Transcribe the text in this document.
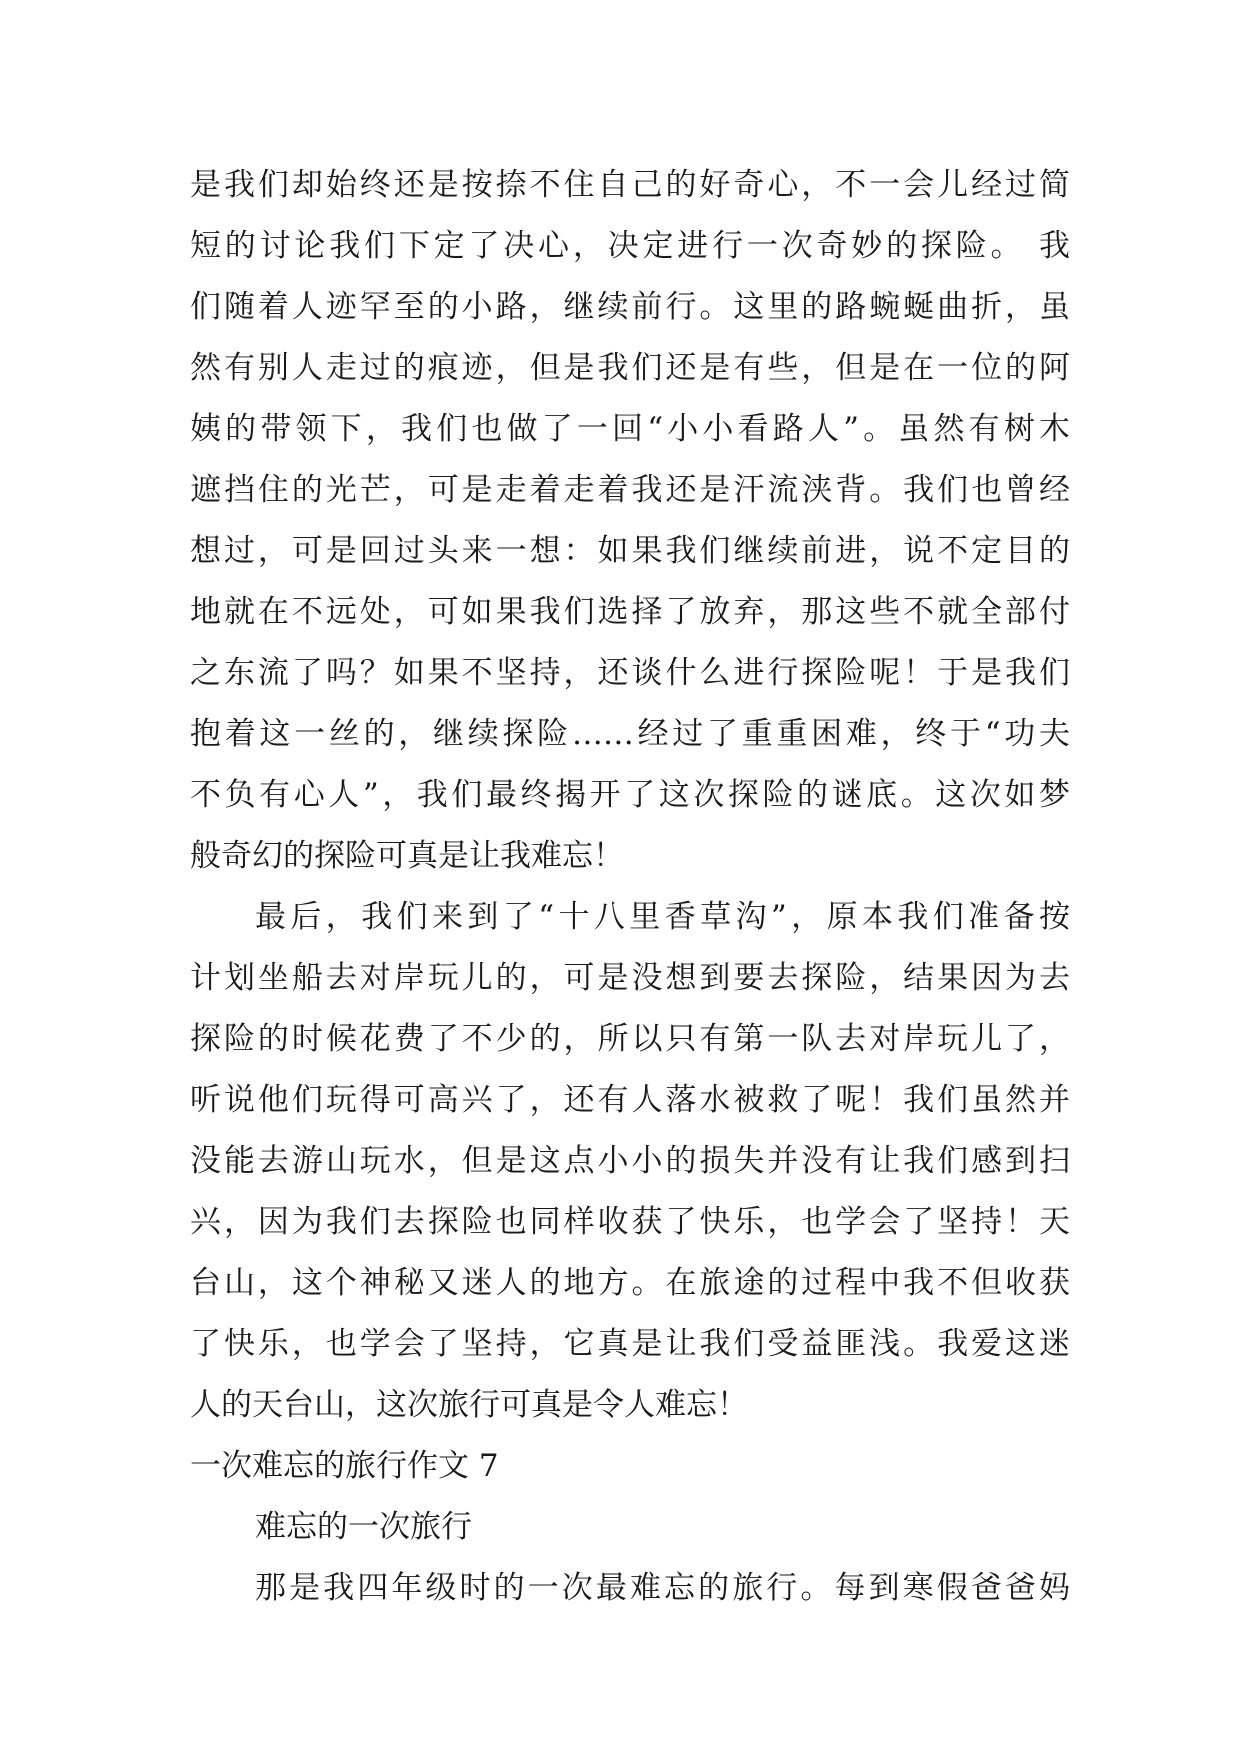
是我们却始终还是按捺不住自己的好奇心，不一会儿经过简
短的讨论我们下定了决心，决定进行一次奇妙的探险。 我
们随着人迹罕至的小路，继续前行。这里的路蜿蜒曲折，虽
然有别人走过的痕迹，但是我们还是有些，但是在一位的阿
姨的带领下，我们也做了一回“小小看路人”。虽然有树木
遮挡住的光芒，可是走着走着我还是汗流浃背。我们也曾经
想过，可是回过头来一想：如果我们继续前进，说不定目的
地就在不远处，可如果我们选择了放弃，那这些不就全部付
之东流了吗？如果不坚持，还谈什么进行探险呢！于是我们
抱着这一丝的，继续探险……经过了重重困难，终于“功夫
不负有心人”，我们最终揭开了这次探险的谜底。这次如梦
般奇幻的探险可真是让我难忘！
最后，我们来到了“十八里香草沟”，原本我们准备按
计划坐船去对岸玩儿的，可是没想到要去探险，结果因为去
探险的时候花费了不少的，所以只有第一队去对岸玩儿了，
听说他们玩得可高兴了，还有人落水被救了呢！我们虽然并
没能去游山玩水，但是这点小小的损失并没有让我们感到扫
兴，因为我们去探险也同样收获了快乐，也学会了坚持！天
台山，这个神秘又迷人的地方。在旅途的过程中我不但收获
了快乐，也学会了坚持，它真是让我们受益匪浅。我爱这迷
人的天台山，这次旅行可真是令人难忘！
一次难忘的旅行作文 7
难忘的一次旅行
那是我四年级时的一次最难忘的旅行。每到寒假爸爸妈
